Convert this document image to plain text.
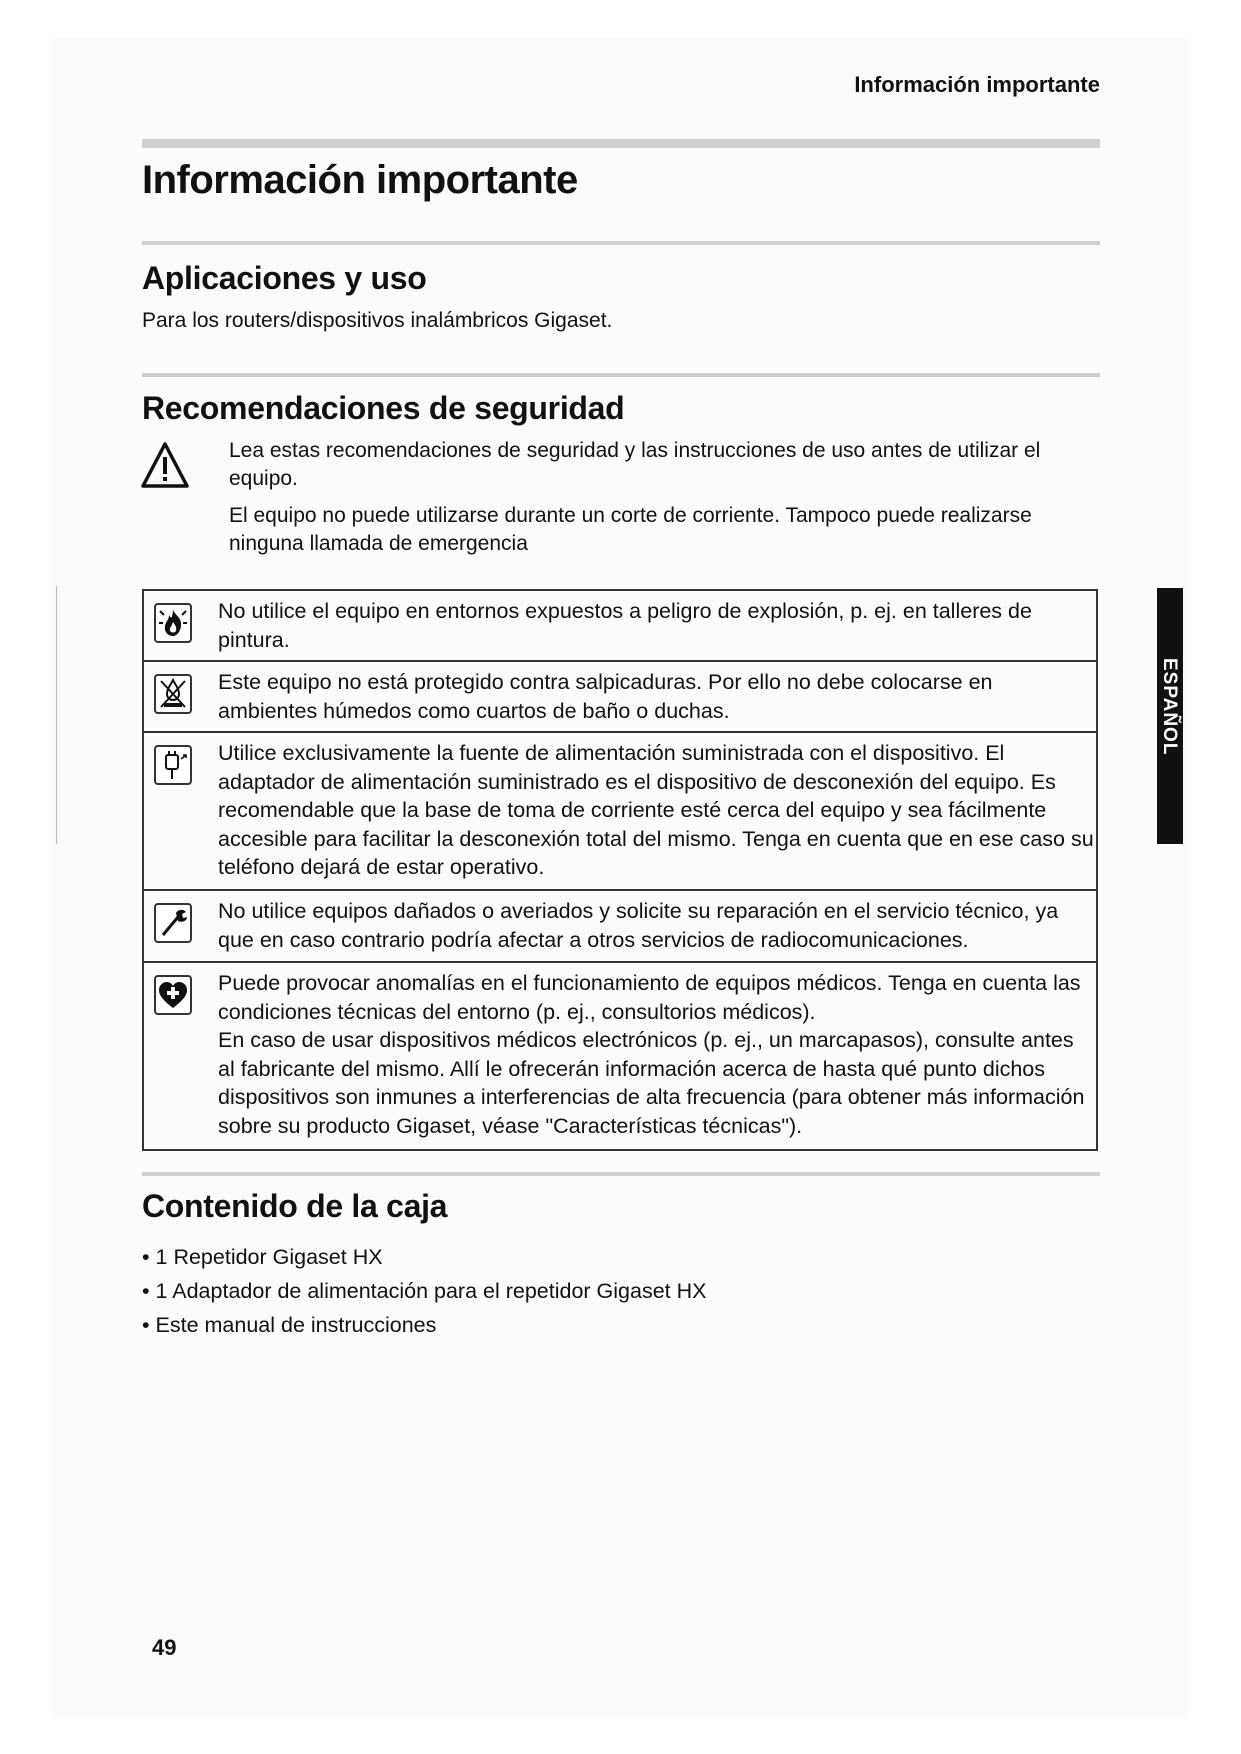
Información importante
Información importante
Aplicaciones y uso
Para los routers/dispositivos inalámbricos Gigaset.
Recomendaciones de seguridad
Lea estas recomendaciones de seguridad y las instrucciones de uso antes de utilizar el equipo.
El equipo no puede utilizarse durante un corte de corriente. Tampoco puede realizarse ninguna llamada de emergencia
No utilice el equipo en entornos expuestos a peligro de explosión, p. ej. en talleres de pintura.
Este equipo no está protegido contra salpicaduras. Por ello no debe colocarse en ambientes húmedos como cuartos de baño o duchas.
Utilice exclusivamente la fuente de alimentación suministrada con el dispositivo. El adaptador de alimentación suministrado es el dispositivo de desconexión del equipo. Es recomendable que la base de toma de corriente esté cerca del equipo y sea fácilmente accesible para facilitar la desconexión total del mismo. Tenga en cuenta que en ese caso su teléfono dejará de estar operativo.
No utilice equipos dañados o averiados y solicite su reparación en el servicio técnico, ya que en caso contrario podría afectar a otros servicios de radiocomunicaciones.
Puede provocar anomalías en el funcionamiento de equipos médicos. Tenga en cuenta las condiciones técnicas del entorno (p. ej., consultorios médicos).
En caso de usar dispositivos médicos electrónicos (p. ej., un marcapasos), consulte antes al fabricante del mismo. Allí le ofrecerán información acerca de hasta qué punto dichos dispositivos son inmunes a interferencias de alta frecuencia (para obtener más información sobre su producto Gigaset, véase "Características técnicas").
Contenido de la caja
• 1 Repetidor Gigaset HX
• 1 Adaptador de alimentación para el repetidor Gigaset HX
• Este manual de instrucciones
ESPAÑOL
49
